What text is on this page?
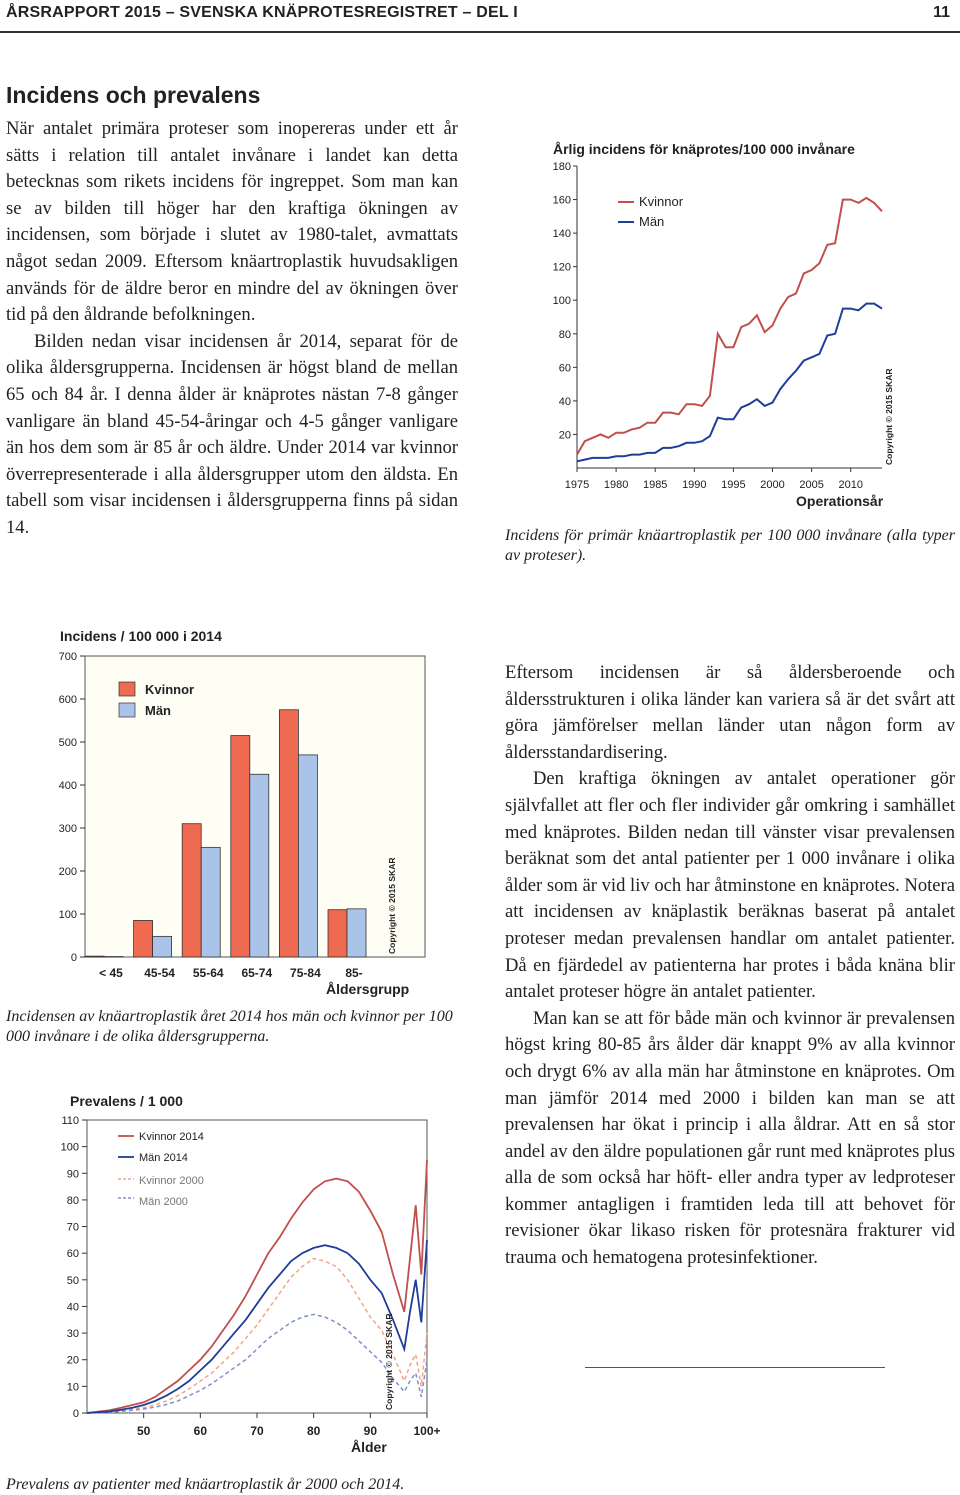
ÅRSRAPPORT 2015 – SVENSKA KNÄPROTESREGISTRET – DEL I	11
Incidens och prevalens

När antalet primära proteser som inopereras under ett år sätts i relation till antalet invånare i landet kan detta betecknas som rikets incidens för ingreppet. Som man kan se av bilden till höger har den kraftiga ökningen av incidensen, som började i slutet av 1980-talet, avmattats något sedan 2009. Eftersom knäartroplastik huvudsakligen används för de äldre beror en mindre del av ökningen över tid på den åldrande befolkningen.

Bilden nedan visar incidensen år 2014, separat för de olika åldersgrupperna. Incidensen är högst bland de mellan 65 och 84 år. I denna ålder är knäprotes nästan 7-8 gånger vanligare än bland 45-54-åringar och 4-5 gånger vanligare än hos dem som är 85 år och äldre. Under 2014 var kvinnor överrepresenterade i alla åldersgrupper utom den äldsta. En tabell som visar incidensen i åldersgrupperna finns på sidan 14.

Årlig incidens för knäprotes/100 000 invånare
20
40
60
80
100
120
140
160
180
1975 1980 1985 1990 1995 2000 2005 2010
Kvinnor
Män
Operationsår
Copyright © 2015 SKAR

Incidens för primär knäartroplastik per 100 000 invånare (alla typer av proteser).

Incidens / 100 000 i 2014
0
100
200
300
400
500
600
700
< 45 45-54 55-64 65-74 75-84 85-
Kvinnor
Män
Åldersgrupp
Copyright © 2015 SKAR

Incidensen av knäartroplastik året 2014 hos män och kvinnor per 100 000 invånare i de olika åldersgrupperna.

Prevalens / 1 000
0
10
20
30
40
50
60
70
80
90
100
110
50	60	70	80	90	100+
Kvinnor 2014
Män 2014
Kvinnor 2000
Män 2000
Ålder
Copyright © 2015 SKAR

Prevalens av patienter med knäartroplastik år 2000 och 2014.

Eftersom incidensen är så åldersberoende och åldersstrukturen i olika länder kan variera så är det svårt att göra jämförelser mellan länder utan någon form av åldersstandardisering.

Den kraftiga ökningen av antalet operationer gör självfallet att fler och fler individer går omkring i samhället med knäprotes. Bilden nedan till vänster visar prevalensen beräknat som det antal patienter per 1 000 invånare i olika ålder som är vid liv och har åtminstone en knäprotes. Notera att incidensen av knäplastik beräknas baserat på antalet proteser medan prevalensen handlar om antalet patienter. Då en fjärdedel av patienterna har protes i båda knäna blir antalet proteser högre än antalet patienter.

Man kan se att för både män och kvinnor är prevalensen högst kring 80-85 års ålder där knappt 9% av alla kvinnor och drygt 6% av alla män har åtminstone en knäprotes. Om man jämför 2014 med 2000 i bilden kan man se att prevalensen har ökat i princip i alla åldrar. Att en så stor andel av den äldre populationen går runt med knäprotes plus alla de som också har höft- eller andra typer av ledproteser kommer antagligen i framtiden leda till att behovet för revisioner ökar likaso risken för protesnära frakturer vid trauma och hematogena protesinfektioner.
